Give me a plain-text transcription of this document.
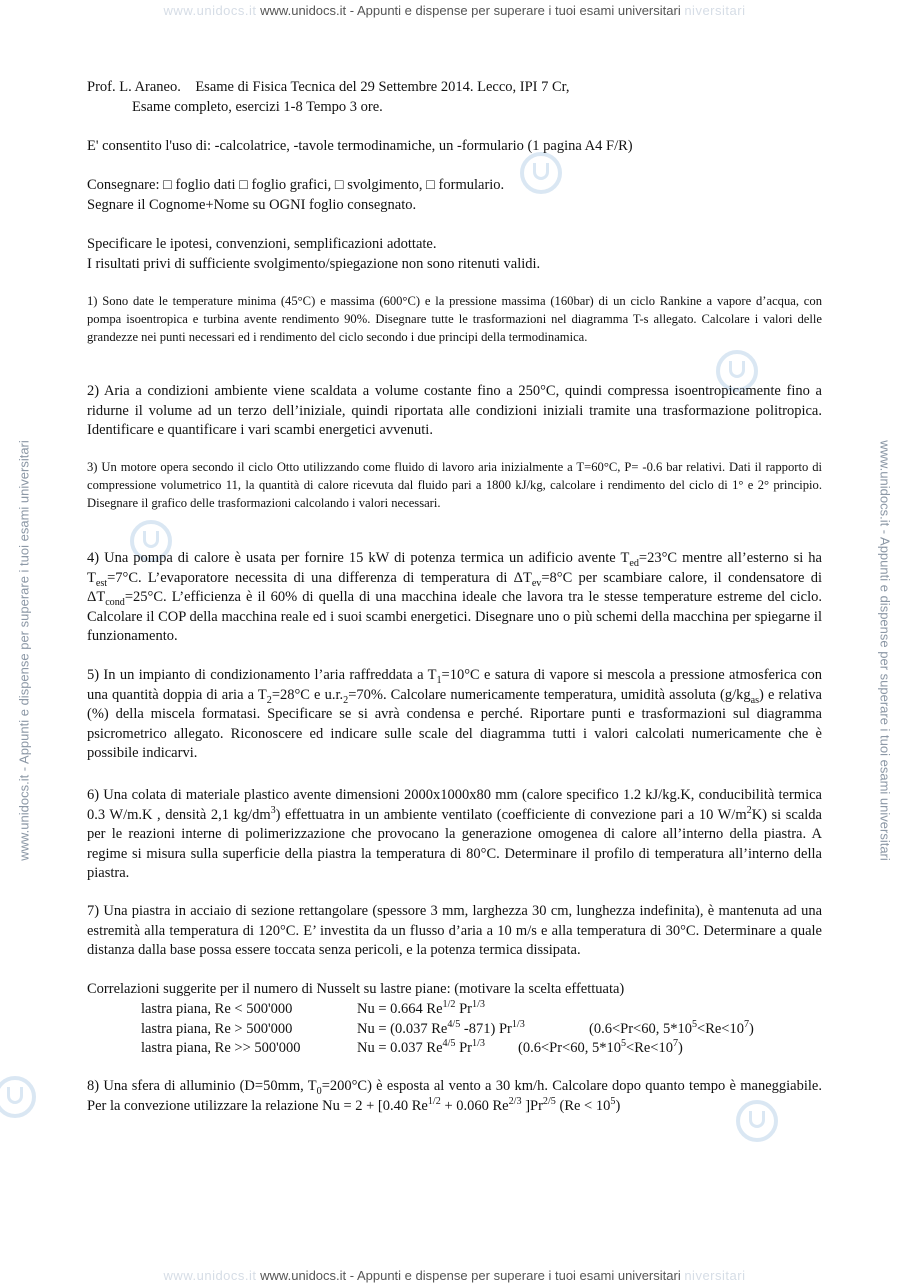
www.unidocs.it www.unidocs.it - Appunti e dispense per superare i tuoi esami universitari niversitari
www.unidocs.it - Appunti e dispense per superare i tuoi esami universitari	www.unidocs.it - Appunti e dispense per superare i tuoi esami universitari
www.unidocs.it www.unidocs.it - Appunti e dispense per superare i tuoi esami universitari niversitari

Prof. L. Araneo.    Esame di Fisica Tecnica del 29 Settembre 2014. Lecco, IPI 7 Cr,

Esame completo, esercizi 1-8 Tempo 3 ore.

E' consentito l'uso di: -calcolatrice, -tavole termodinamiche, un -formulario (1 pagina A4 F/R)

Consegnare: □ foglio dati □ foglio grafici, □ svolgimento, □ formulario.

Segnare il Cognome+Nome su OGNI foglio consegnato.

Specificare le ipotesi, convenzioni, semplificazioni adottate.

I risultati privi di sufficiente svolgimento/spiegazione non sono ritenuti validi.

1) Sono date le temperature minima (45°C) e massima (600°C) e la pressione massima (160bar) di un ciclo Rankine a vapore d’acqua, con pompa isoentropica e turbina avente rendimento 90%. Disegnare tutte le trasformazioni nel diagramma T-s allegato. Calcolare i valori delle grandezze nei punti necessari ed i rendimento del ciclo secondo i due principi della termodinamica.

2) Aria a condizioni ambiente viene scaldata a volume costante fino a 250°C, quindi compressa isoentropicamente fino a ridurne il volume ad un terzo dell’iniziale, quindi riportata alle condizioni iniziali tramite una trasformazione politropica. Identificare e quantificare i vari scambi energetici avvenuti.

3) Un motore opera secondo il ciclo Otto utilizzando come fluido di lavoro aria inizialmente a T=60°C, P= -0.6 bar relativi. Dati il rapporto di compressione volumetrico 11, la quantità di calore ricevuta dal fluido pari a 1800 kJ/kg, calcolare i rendimento del ciclo di 1° e 2° principio. Disegnare il grafico delle trasformazioni calcolando i valori necessari.

4) Una pompa di calore è usata per fornire 15 kW di potenza termica un adificio avente $T_{ed}=23^\circ C$ mentre all’esterno si ha $T_{est}=7^\circ C$. L’evaporatore necessita di una differenza di temperatura di $\Delta T_{ev}=8^\circ C$ per scambiare calore, il condensatore di $\Delta T_{cond}=25^\circ C$. L’efficienza è il 60% di quella di una macchina ideale che lavora tra le stesse temperature estreme del ciclo. Calcolare il COP della macchina reale ed i suoi scambi energetici. Disegnare uno o più schemi della macchina per spiegarne il funzionamento.

5) In un impianto di condizionamento l’aria raffreddata a $T_1=10^\circ C$ e satura di vapore si mescola a pressione atmosferica con una quantità doppia di aria a $T_2=28^\circ C$ e $u.r._2=70\%$. Calcolare numericamente temperatura, umidità assoluta $(g/kg_{as})$ e relativa (%) della miscela formatasi. Specificare se si avrà condensa e perché. Riportare punti e trasformazioni sul diagramma psicrometrico allegato. Riconoscere ed indicare sulle scale del diagramma tutti i valori calcolati numericamente che è possibile indicarvi.

6) Una colata di materiale plastico avente dimensioni 2000x1000x80 mm (calore specifico 1.2 kJ/kg.K, conducibilità termica 0.3 W/m.K , densità 2,1 $kg/dm^3$) effettuatra in un ambiente ventilato (coefficiente di convezione pari a 10 $W/m^2K$) si scalda per le reazioni interne di polimerizzazione che provocano la generazione omogenea di calore all’interno della piastra. A regime si misura sulla superficie della piastra la temperatura di 80°C. Determinare il profilo di temperatura all’interno della piastra.

7) Una piastra in acciaio di sezione rettangolare (spessore 3 mm, larghezza 30 cm, lunghezza indefinita), è mantenuta ad una estremità alla temperatura di 120°C. E’ investita da un flusso d’aria a 10 m/s e alla temperatura di 30°C. Determinare a quale distanza dalla base possa essere toccata senza pericoli, e la potenza termica dissipata.

Correlazioni suggerite per il numero di Nusselt su lastre piane: (motivare la scelta effettuata)

lastra piana, Re < 500'000	Nu = 0.664 $Re^{1/2}$ $Pr^{1/3}$
lastra piana, Re > 500'000	Nu = (0.037 $Re^{4/5}$ -871) $Pr^{1/3}$	(0.6<Pr<60, $5*10^5<Re<10^7$)
lastra piana, Re >> 500'000	Nu = 0.037 $Re^{4/5}$ $Pr^{1/3}$ (0.6<Pr<60, $5*10^5<Re<10^7$)

8) Una sfera di alluminio (D=50mm, $T_0=200^\circ C$) è esposta al vento a 30 km/h. Calcolare dopo quanto tempo è maneggiabile. Per la convezione utilizzare la relazione Nu = 2 + [0.40 $Re^{1/2} + 0.060$ $Re^{2/3}$ ]$Pr^{2/5}$ $(Re < 10^5)$
